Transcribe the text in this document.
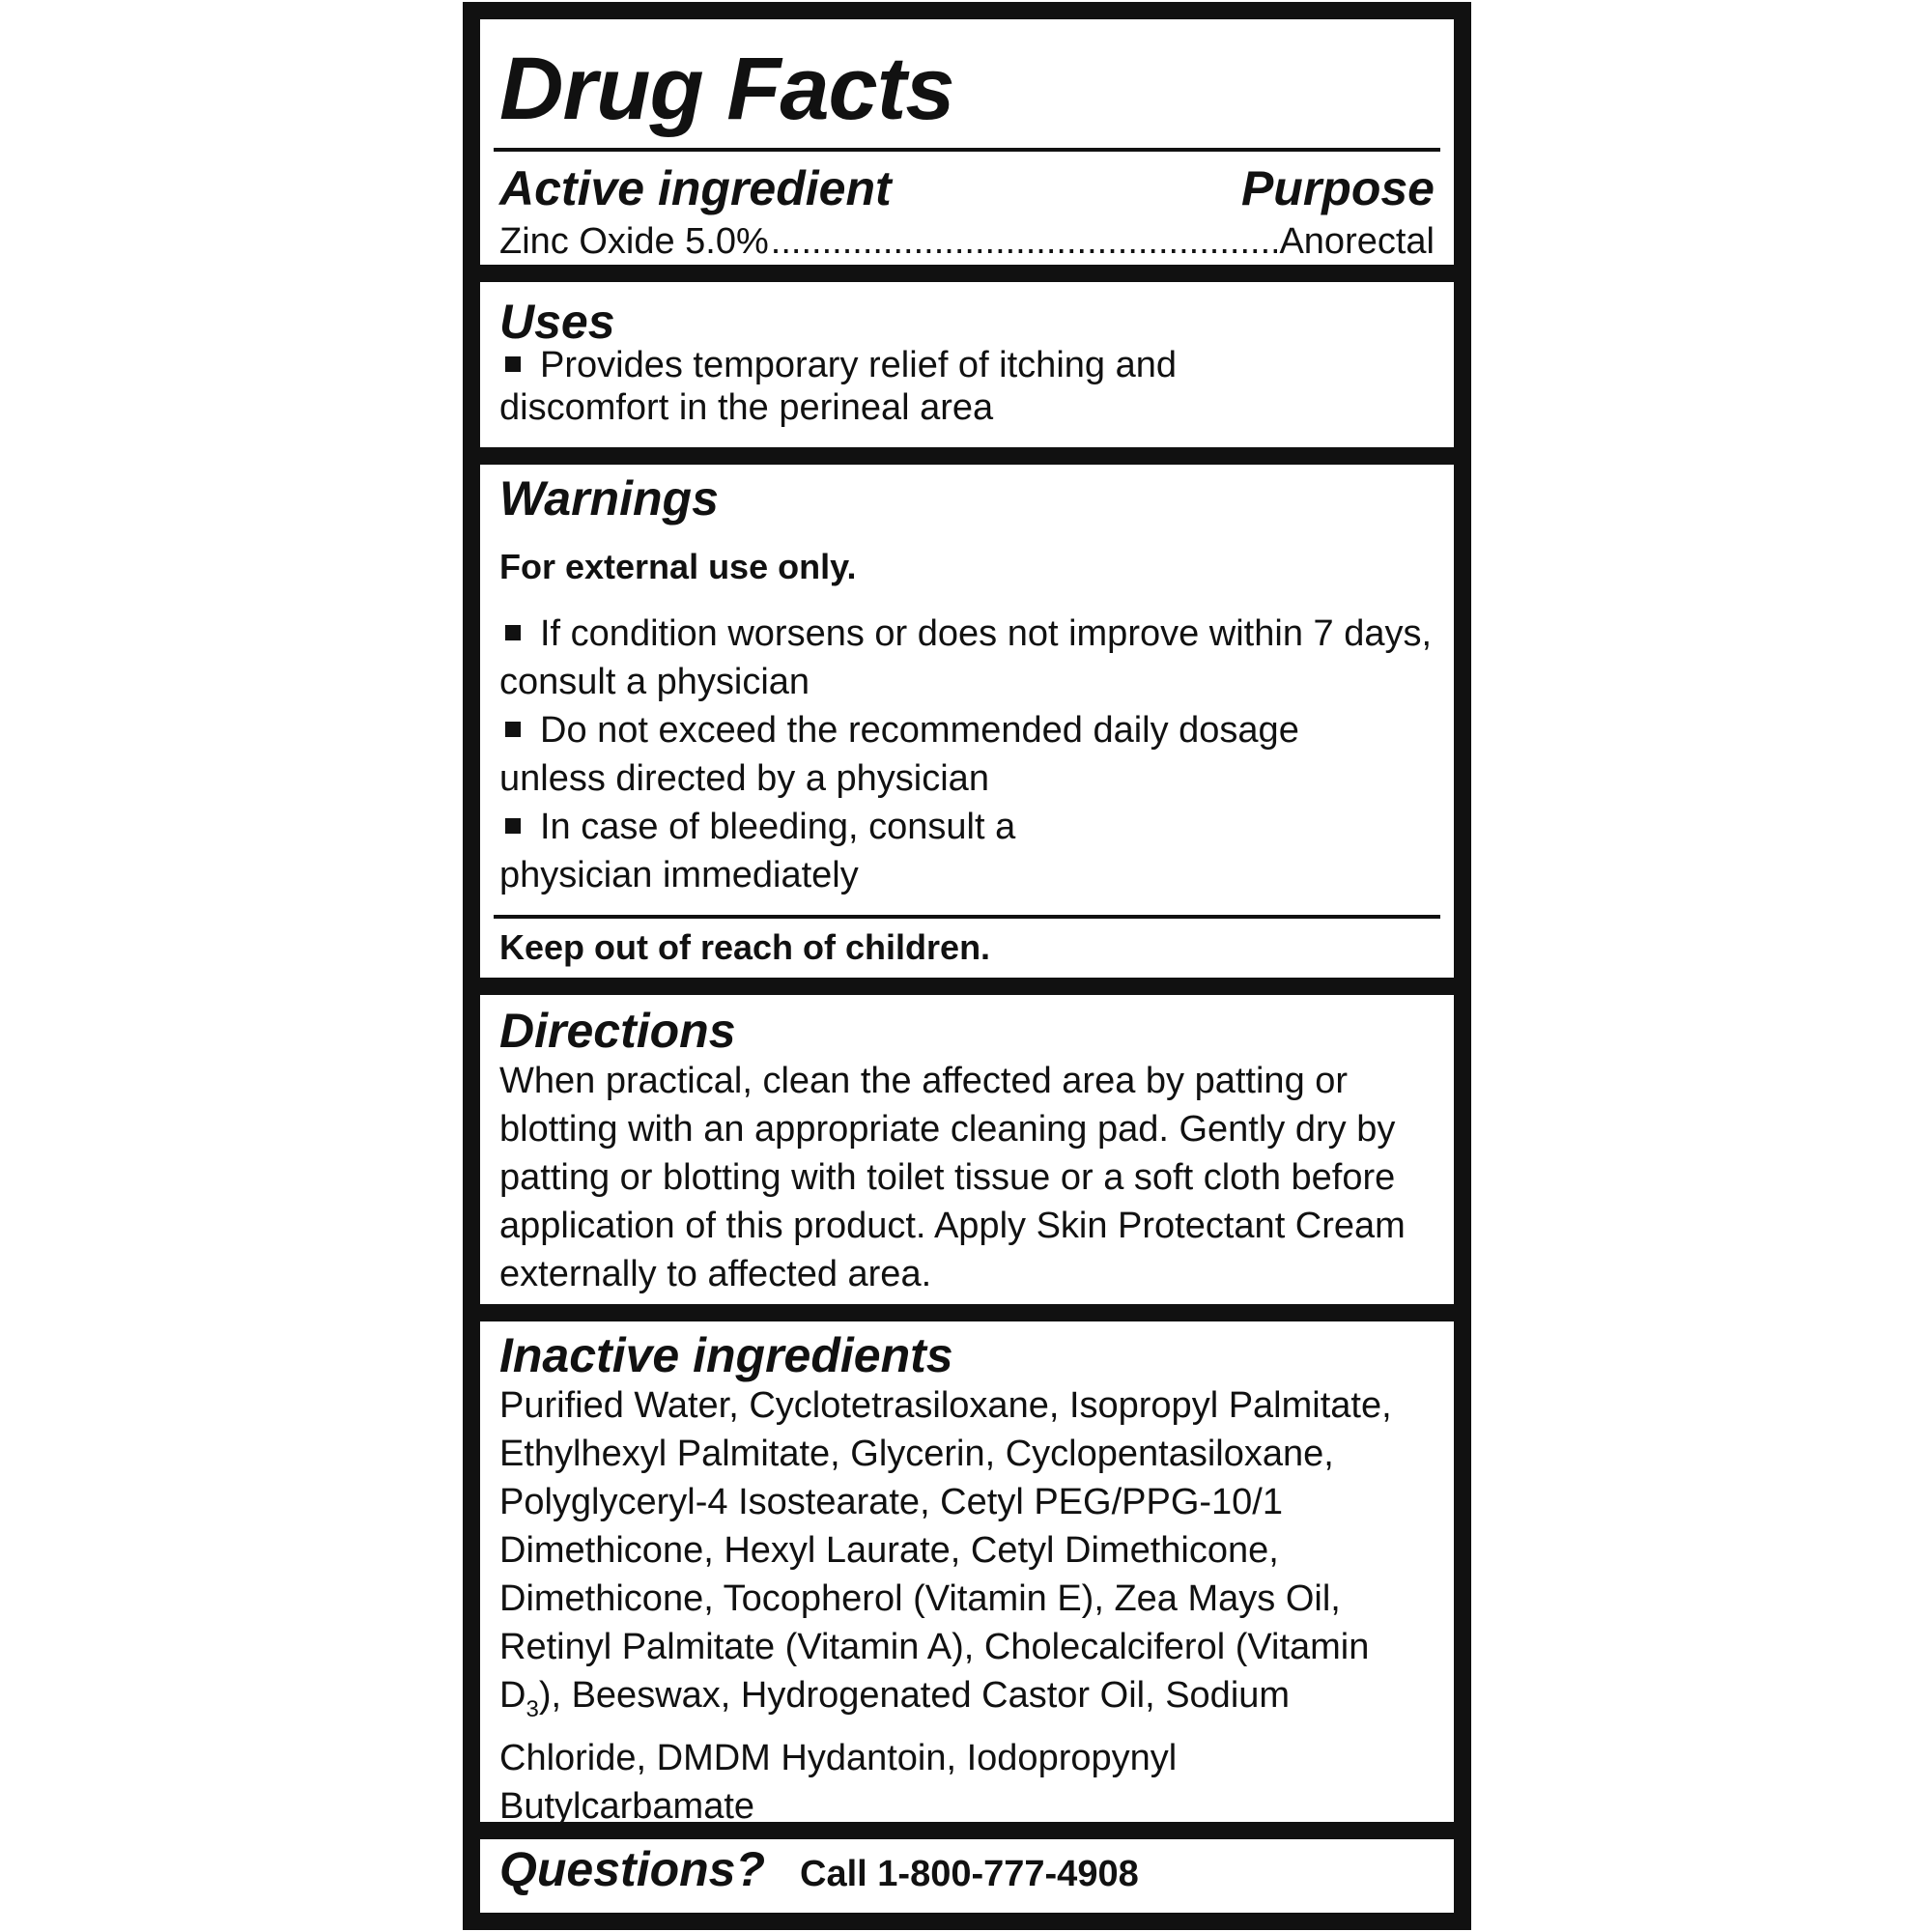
Drug Facts
Active ingredient	Purpose
Zinc Oxide 5.0%
.....	Anorectal
Uses

Provides temporary relief of itching and discomfort in the perineal area

Warnings

For external use only.

If condition worsens or does not improve within 7 days, consult a physician

Do not exceed the recommended daily dosage unless directed by a physician

In case of bleeding, consult a physician immediately

Keep out of reach of children.

Directions

When practical, clean the affected area by patting or blotting with an appropriate cleaning pad. Gently dry by patting or blotting with toilet tissue or a soft cloth before application of this product. Apply Skin Protectant Cream externally to affected area.

Inactive ingredients

Purified Water, Cyclotetrasiloxane, Isopropyl Palmitate, Ethylhexyl Palmitate, Glycerin, Cyclopentasiloxane, Polyglyceryl-4 Isostearate, Cetyl PEG/PPG-10/1 Dimethicone, Hexyl Laurate, Cetyl Dimethicone, Dimethicone, Tocopherol (Vitamin E), Zea Mays Oil, Retinyl Palmitate (Vitamin A), Cholecalciferol (Vitamin $D_3$), Beeswax, Hydrogenated Castor Oil, Sodium Chloride, DMDM Hydantoin, Iodopropynyl Butylcarbamate

Questions? Call 1-800-777-4908
